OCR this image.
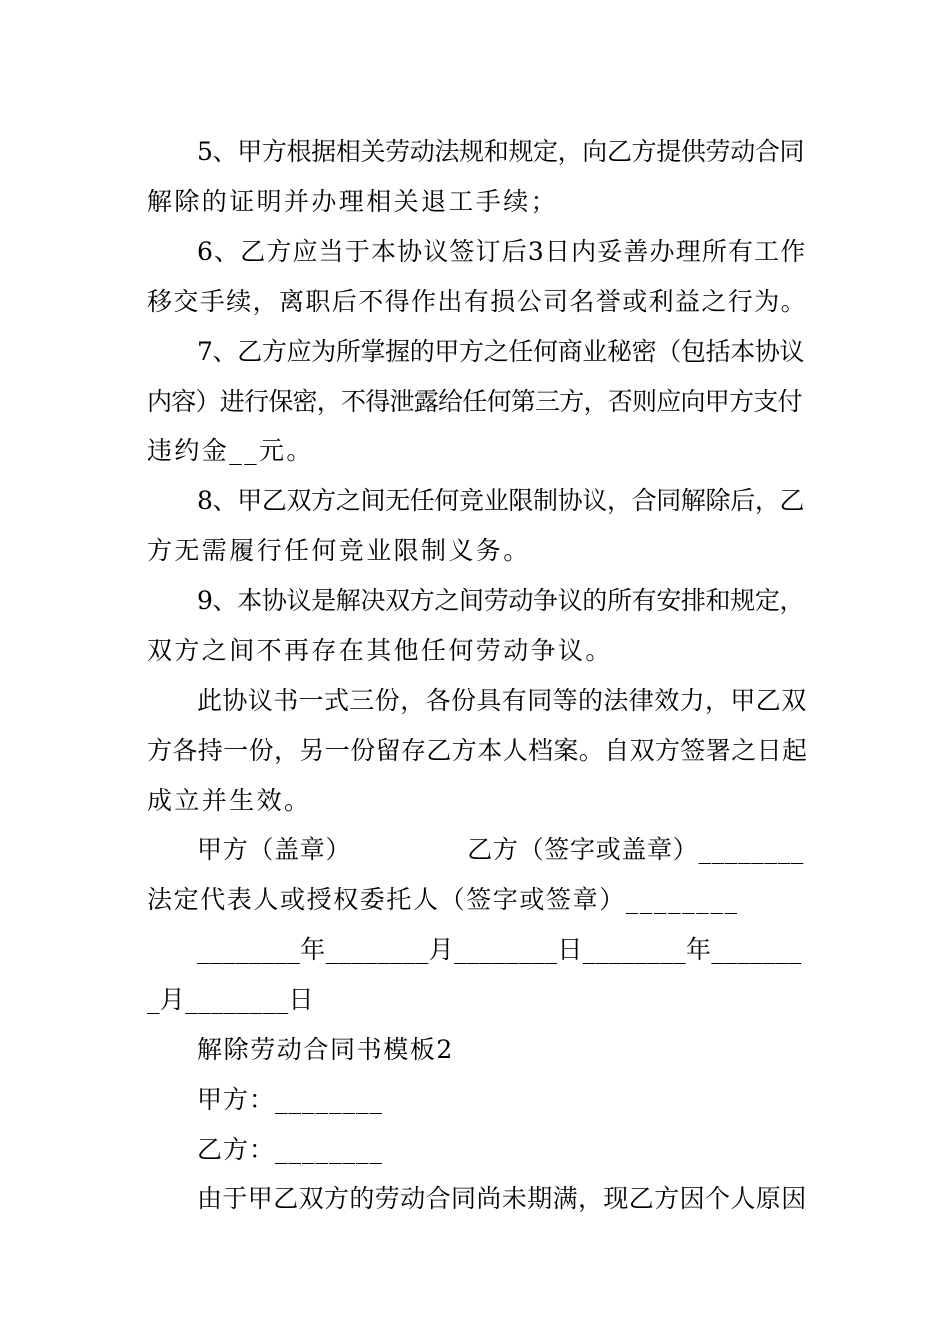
5、甲方根据相关劳动法规和规定，向乙方提供劳动合同
解除的证明并办理相关退工手续；
6、乙方应当于本协议签订后3日内妥善办理所有工作
移交手续，离职后不得作出有损公司名誉或利益之行为。
7、乙方应为所掌握的甲方之任何商业秘密（包括本协议
内容）进行保密，不得泄露给任何第三方，否则应向甲方支付
违约金__元。
8、甲乙双方之间无任何竞业限制协议，合同解除后，乙
方无需履行任何竞业限制义务。
9、本协议是解决双方之间劳动争议的所有安排和规定，
双方之间不再存在其他任何劳动争议。
此协议书一式三份，各份具有同等的法律效力，甲乙双
方各持一份，另一份留存乙方本人档案。自双方签署之日起
成立并生效。
甲方（盖章）　　　　　乙方（签字或盖章）________
法定代表人或授权委托人（签字或签章）________
________年________月________日________年_______
_月________日
解除劳动合同书模板2
甲方：________
乙方：________
由于甲乙双方的劳动合同尚未期满，现乙方因个人原因
